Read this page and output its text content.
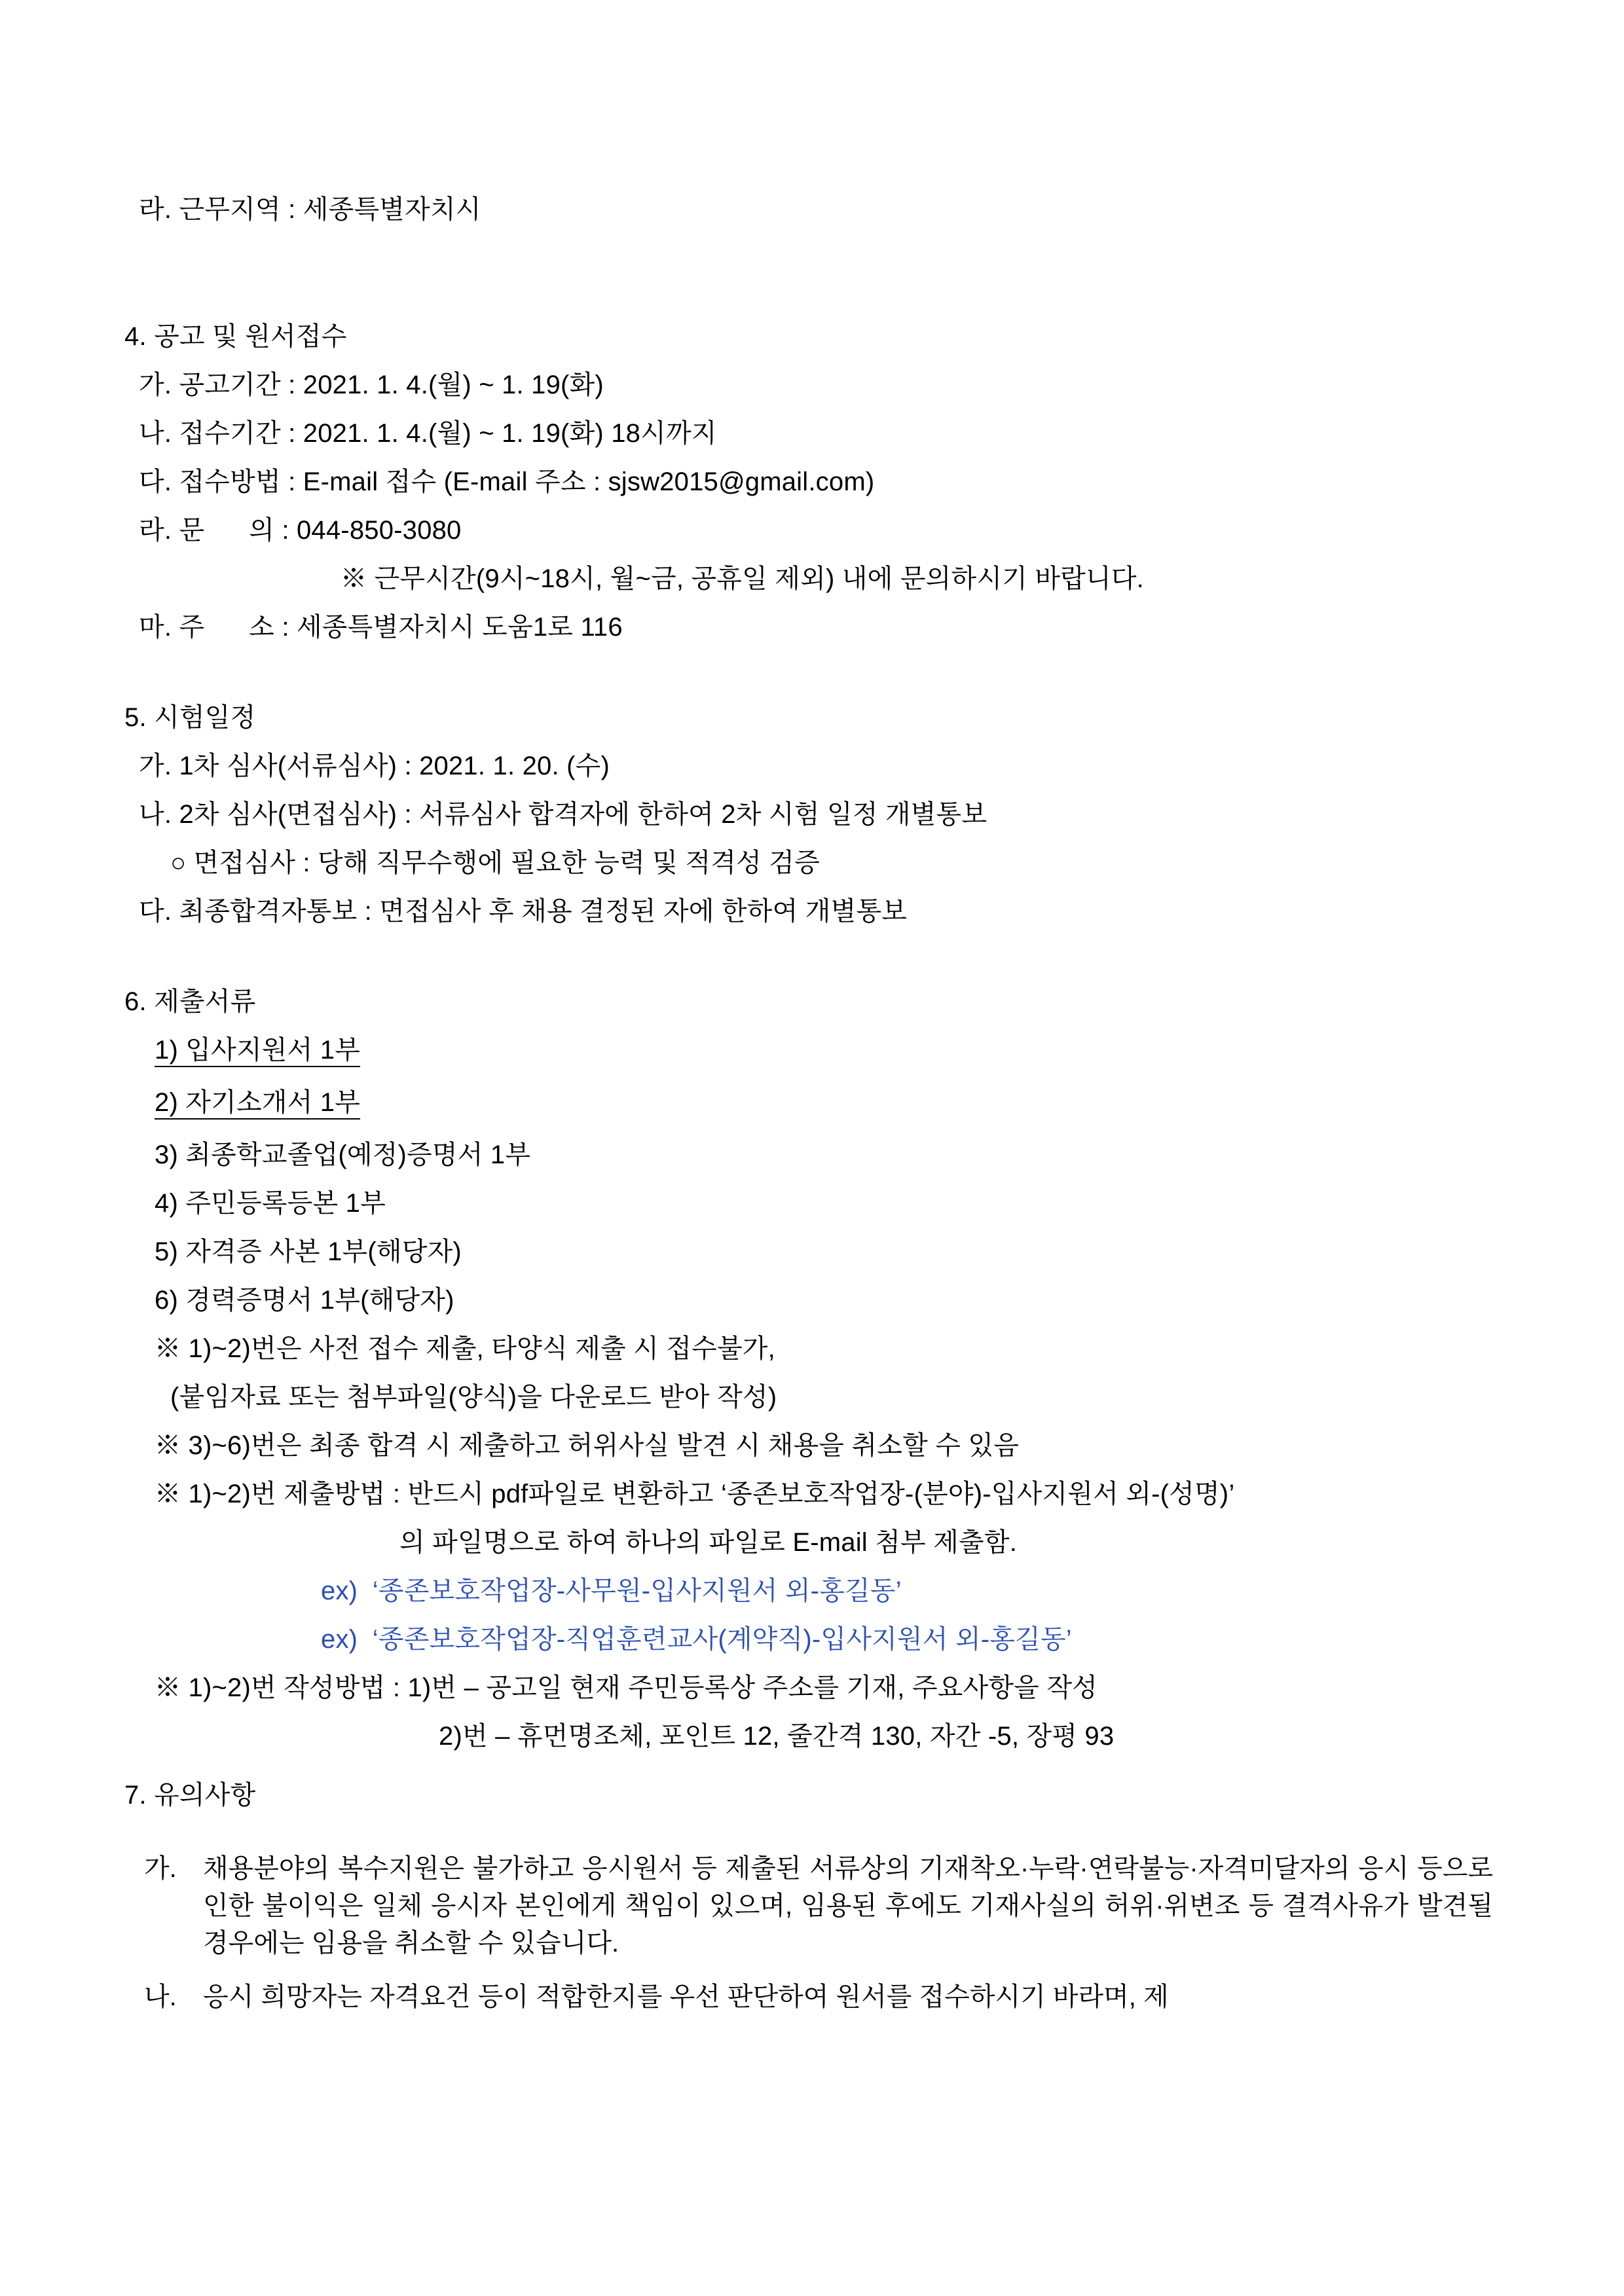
라. 근무지역 : 세종특별자치시
4. 공고 및 원서접수
가. 공고기간 : 2021. 1. 4.(월) ~ 1. 19(화)
나. 접수기간 : 2021. 1. 4.(월) ~ 1. 19(화) 18시까지
다. 접수방법 : E-mail 접수 (E-mail 주소 : sjsw2015@gmail.com)
라. 문      의 : 044-850-3080
※ 근무시간(9시~18시, 월~금, 공휴일 제외) 내에 문의하시기 바랍니다.
마. 주      소 : 세종특별자치시 도움1로 116
5. 시험일정
가. 1차 심사(서류심사) : 2021. 1. 20. (수)
나. 2차 심사(면접심사) : 서류심사 합격자에 한하여 2차 시험 일정 개별통보
○ 면접심사 : 당해 직무수행에 필요한 능력 및 적격성 검증
다. 최종합격자통보 : 면접심사 후 채용 결정된 자에 한하여 개별통보
6. 제출서류
1) 입사지원서 1부
2) 자기소개서 1부
3) 최종학교졸업(예정)증명서 1부
4) 주민등록등본 1부
5) 자격증 사본 1부(해당자)
6) 경력증명서 1부(해당자)
※ 1)~2)번은 사전 접수 제출, 타양식 제출 시 접수불가,
(붙임자료 또는 첨부파일(양식)을 다운로드 받아 작성)
※ 3)~6)번은 최종 합격 시 제출하고 허위사실 발견 시 채용을 취소할 수 있음
※ 1)~2)번 제출방법 : 반드시 pdf파일로 변환하고 ‘종존보호작업장-(분야)-입사지원서 외-(성명)’
의 파일명으로 하여 하나의 파일로 E-mail 첨부 제출함.
ex)  ‘종존보호작업장-사무원-입사지원서 외-홍길동’
ex)  ‘종존보호작업장-직업훈련교사(계약직)-입사지원서 외-홍길동’
※ 1)~2)번 작성방법 : 1)번 – 공고일 현재 주민등록상 주소를 기재, 주요사항을 작성
2)번 – 휴먼명조체, 포인트 12, 줄간격 130, 자간 -5, 장평 93
7. 유의사항
가. 채용분야의 복수지원은 불가하고 응시원서 등 제출된 서류상의 기재착오·누락·연락불능·자격미달자의 응시 등으로 인한 불이익은 일체 응시자 본인에게 책임이 있으며, 임용된 후에도 기재사실의 허위·위변조 등 결격사유가 발견될 경우에는 임용을 취소할 수 있습니다.
나. 응시 희망자는 자격요건 등이 적합한지를 우선 판단하여 원서를 접수하시기 바라며, 제
